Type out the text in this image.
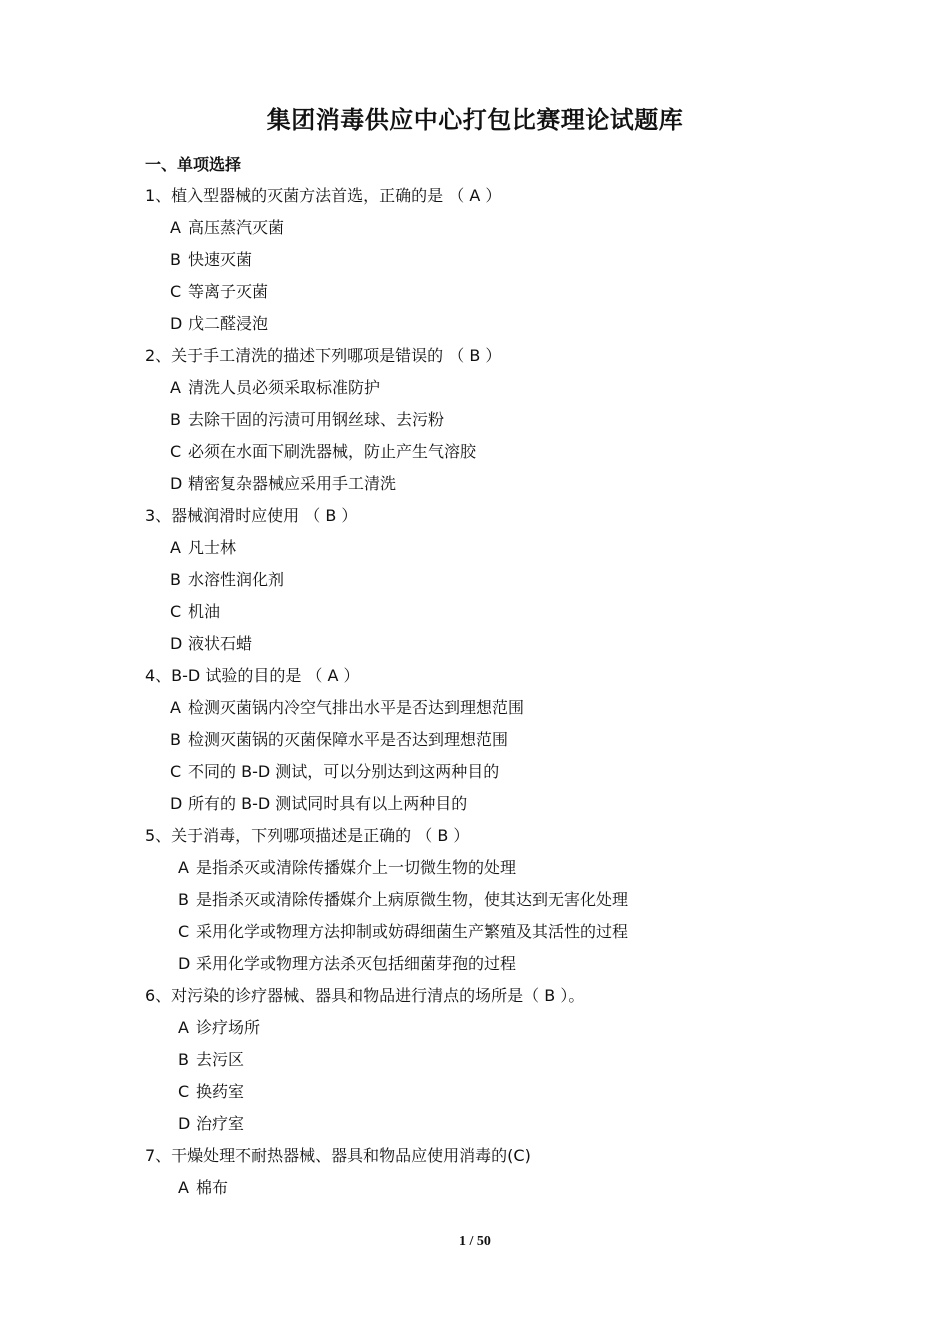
集团消毒供应中心打包比赛理论试题库
一、单项选择
1、植入型器械的灭菌方法首选，正确的是 （ A ）
A 高压蒸汽灭菌
B 快速灭菌
C 等离子灭菌
D 戊二醛浸泡
2、关于手工清洗的描述下列哪项是错误的 （ B ）
A 清洗人员必须采取标准防护
B 去除干固的污渍可用钢丝球、去污粉
C 必须在水面下刷洗器械，防止产生气溶胶
D 精密复杂器械应采用手工清洗
3、器械润滑时应使用 （ B ）
A 凡士林
B 水溶性润化剂
C 机油
D 液状石蜡
4、B-D 试验的目的是 （ A ）
A 检测灭菌锅内冷空气排出水平是否达到理想范围
B 检测灭菌锅的灭菌保障水平是否达到理想范围
C 不同的 B-D 测试，可以分别达到这两种目的
D 所有的 B-D 测试同时具有以上两种目的
5、关于消毒，下列哪项描述是正确的 （ B ）
A 是指杀灭或清除传播媒介上一切微生物的处理
B 是指杀灭或清除传播媒介上病原微生物，使其达到无害化处理
C 采用化学或物理方法抑制或妨碍细菌生产繁殖及其活性的过程
D 采用化学或物理方法杀灭包括细菌芽孢的过程
6、对污染的诊疗器械、器具和物品进行清点的场所是（ B ）。
A 诊疗场所
B 去污区
C 换药室
D 治疗室
7、干燥处理不耐热器械、器具和物品应使用消毒的(C)
A 棉布
1 / 50
